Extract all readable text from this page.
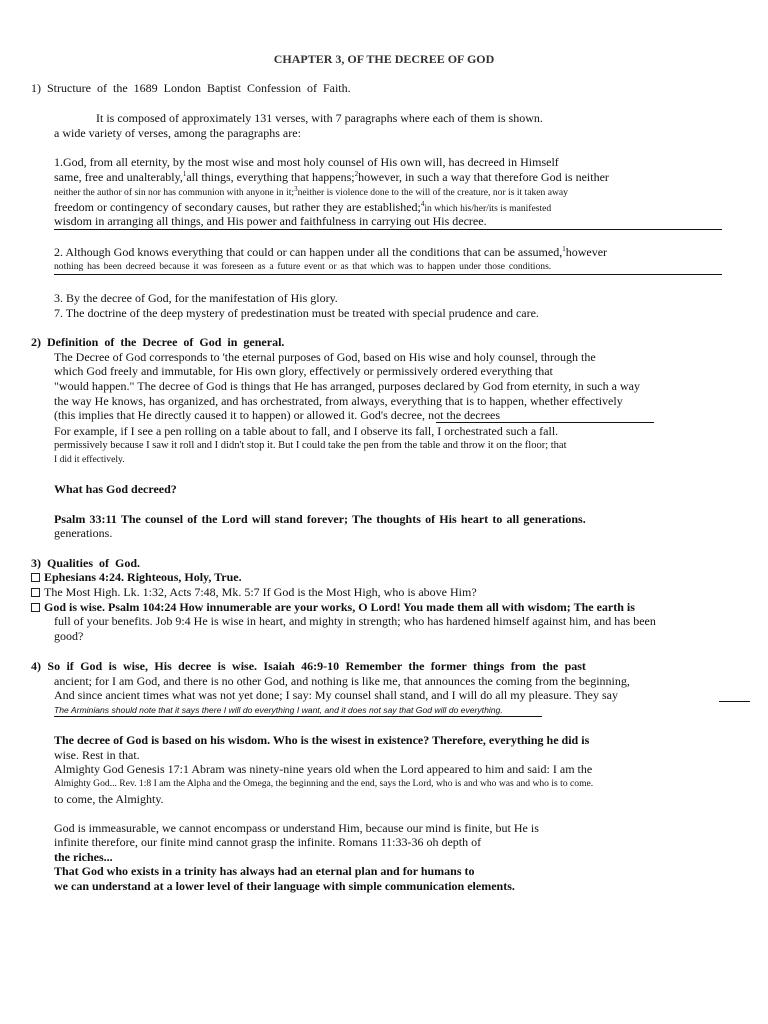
CHAPTER 3, OF THE DECREE OF GOD
1) Structure of the 1689 London Baptist Confession of Faith.
It is composed of approximately 131 verses, with 7 paragraphs where each of them is shown.
a wide variety of verses, among the paragraphs are:
1.God, from all eternity, by the most wise and most holy counsel of His own will, has decreed in Himself
same, free and unalterably,$^1$all things, everything that happens;$^2$however, in such a way that therefore God is neither
neither the author of sin nor has communion with anyone in it;$^3$neither is violence done to the will of the creature, nor is it taken away
freedom or contingency of secondary causes, but rather they are established;$^4$in which his/her/its is manifested
wisdom in arranging all things, and His power and faithfulness in carrying out His decree.
2. Although God knows everything that could or can happen under all the conditions that can be assumed,$^1$however
nothing has been decreed because it was foreseen as a future event or as that which was to happen under those conditions.
3. By the decree of God, for the manifestation of His glory.
7. The doctrine of the deep mystery of predestination must be treated with special prudence and care.
2) Definition of the Decree of God in general.
The Decree of God corresponds to 'the eternal purposes of God, based on His wise and holy counsel, through the
which God freely and immutable, for His own glory, effectively or permissively ordered everything that
"would happen." The decree of God is things that He has arranged, purposes declared by God from eternity, in such a way
the way He knows, has organized, and has orchestrated, from always, everything that is to happen, whether effectively
(this implies that He directly caused it to happen) or allowed it. God's decree, not the decrees
For example, if I see a pen rolling on a table about to fall, and I observe its fall, I orchestrated such a fall.
permissively because I saw it roll and I didn't stop it. But I could take the pen from the table and throw it on the floor; that
I did it effectively.
What has God decreed?
Psalm 33:11 The counsel of the Lord will stand forever; The thoughts of His heart to all generations.
generations.
3) Qualities of God.
Ephesians 4:24. Righteous, Holy, True.
The Most High. Lk. 1:32, Acts 7:48, Mk. 5:7 If God is the Most High, who is above Him?
God is wise. Psalm 104:24 How innumerable are your works, O Lord! You made them all with wisdom; The earth is
full of your benefits. Job 9:4 He is wise in heart, and mighty in strength; who has hardened himself against him, and has been
good?
4) So if God is wise, His decree is wise. Isaiah 46:9-10 Remember the former things from the past
ancient; for I am God, and there is no other God, and nothing is like me, that announces the coming from the beginning,
And since ancient times what was not yet done; I say: My counsel shall stand, and I will do all my pleasure. They say
The Arminians should note that it says there I will do everything I want, and it does not say that God will do everything.
The decree of God is based on his wisdom. Who is the wisest in existence? Therefore, everything he did is
wise. Rest in that.
Almighty God Genesis 17:1 Abram was ninety-nine years old when the Lord appeared to him and said: I am the
Almighty God... Rev. 1:8 I am the Alpha and the Omega, the beginning and the end, says the Lord, who is and who was and who is to come.
to come, the Almighty.
God is immeasurable, we cannot encompass or understand Him, because our mind is finite, but He is
infinite therefore, our finite mind cannot grasp the infinite. Romans 11:33-36 oh depth of
the riches...
That God who exists in a trinity has always had an eternal plan and for humans to
we can understand at a lower level of their language with simple communication elements.
